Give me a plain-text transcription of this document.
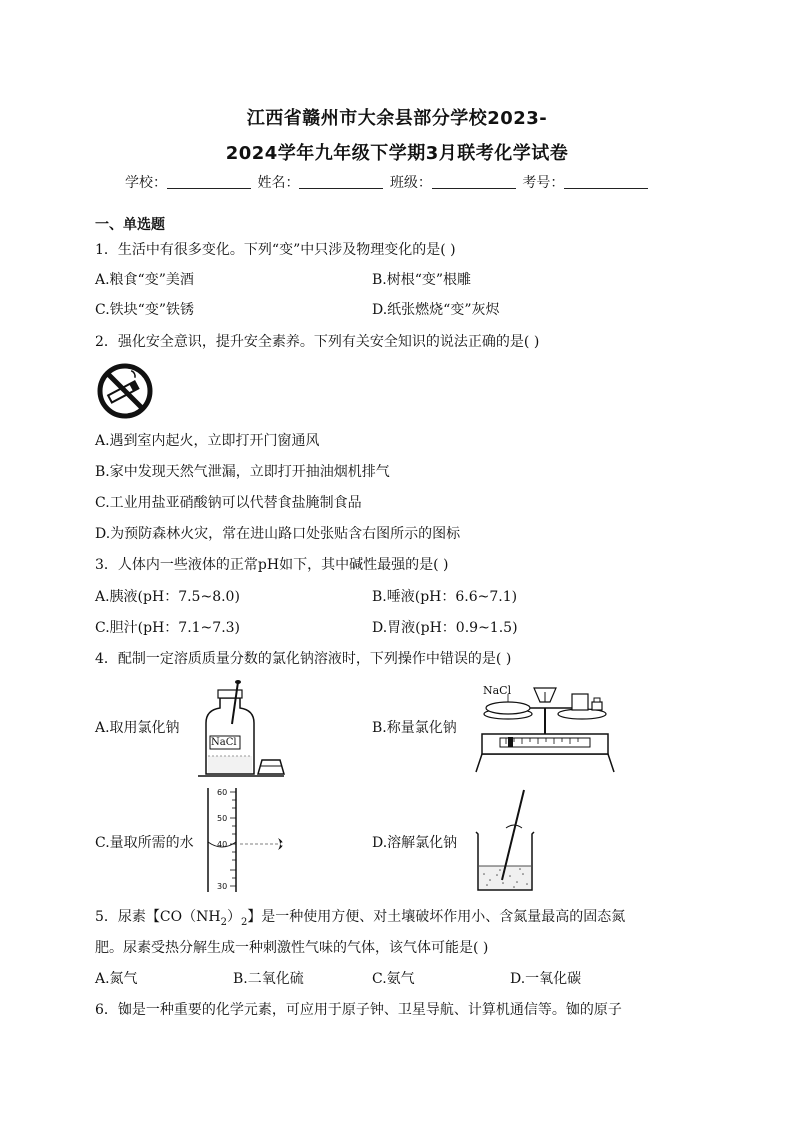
江西省赣州市大余县部分学校2023-
2024学年九年级下学期3月联考化学试卷
学校：	姓名：	班级：	考号：
一、单选题
1．生活中有很多变化。下列“变”中只涉及物理变化的是( )
A.粮食“变”美酒	B.树根“变”根雕
C.铁块“变”铁锈	D.纸张燃烧“变”灰烬
2．强化安全意识，提升安全素养。下列有关安全知识的说法正确的是( )
A.遇到室内起火，立即打开门窗通风
B.家中发现天然气泄漏，立即打开抽油烟机排气
C.工业用盐亚硝酸钠可以代替食盐腌制食品
D.为预防森林火灾，常在进山路口处张贴含右图所示的图标
3．人体内一些液体的正常pH如下，其中碱性最强的是( )
A.胰液(pH：7.5~8.0)	B.唾液(pH：6.6~7.1)
C.胆汁(pH：7.1~7.3)	D.胃液(pH：0.9~1.5)
4．配制一定溶质质量分数的氯化钠溶液时，下列操作中错误的是( )
A.取用氯化钠
NaCl
B.称量氯化钠
NaCl
C.量取所需的水
60
50
40
30
D.溶解氯化钠
5．尿素【$CO(NH_2)_2$】是一种使用方便、对土壤破坏作用小、含氮量最高的固态氮
肥。尿素受热分解生成一种刺激性气味的气体，该气体可能是( )
A.氮气	B.二氧化硫	C.氨气	D.一氧化碳
6．铷是一种重要的化学元素，可应用于原子钟、卫星导航、计算机通信等。铷的原子
